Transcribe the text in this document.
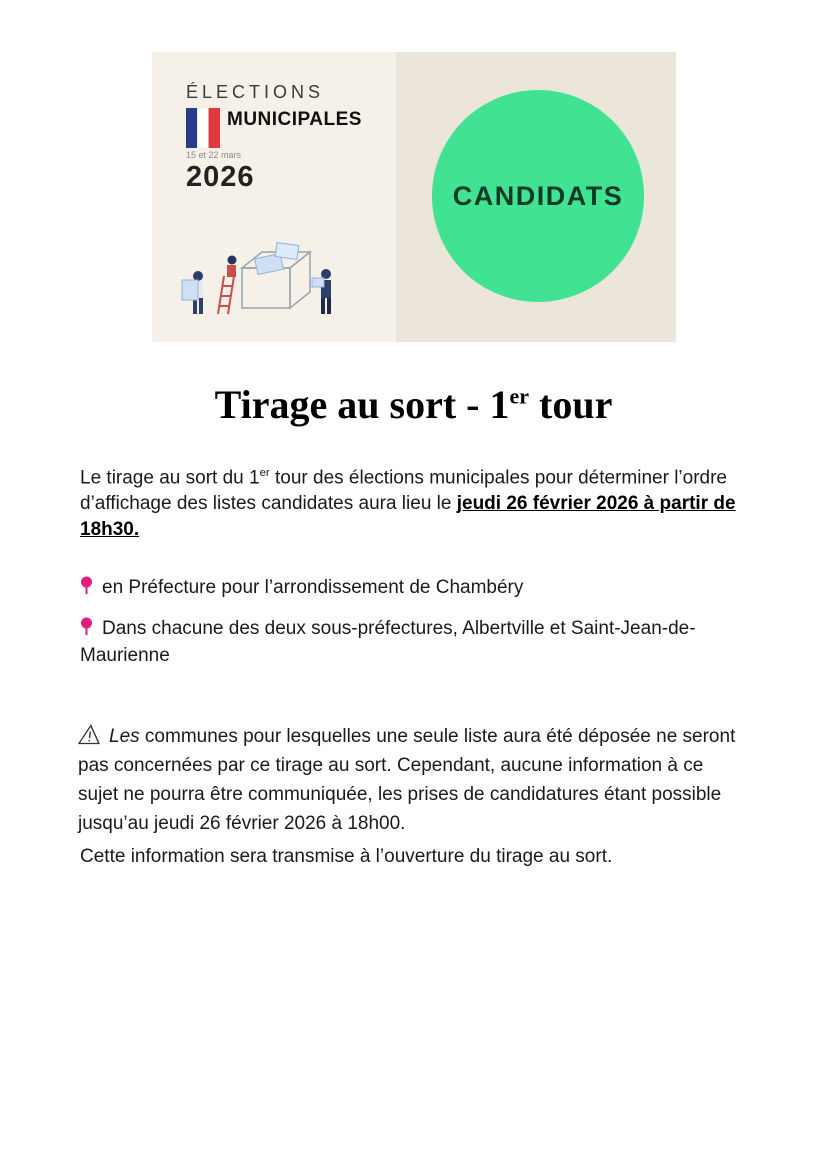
ÉLECTIONS
MUNICIPALES
15 et 22 mars
2026
CANDIDATS
Tirage au sort - 1er tour

Le tirage au sort du 1er tour des élections municipales pour déterminer l’ordre d’affichage des listes candidates aura lieu le jeudi 26 février 2026 à partir de 18h30.

en Préfecture pour l’arrondissement de Chambéry

Dans chacune des deux sous-préfectures, Albertville et Saint-Jean-de-Maurienne

Les communes pour lesquelles une seule liste aura été déposée ne seront pas concernées par ce tirage au sort. Cependant, aucune information à ce sujet ne pourra être communiquée, les prises de candidatures étant possible jusqu’au jeudi 26 février 2026 à 18h00.

Cette information sera transmise à l’ouverture du tirage au sort.
